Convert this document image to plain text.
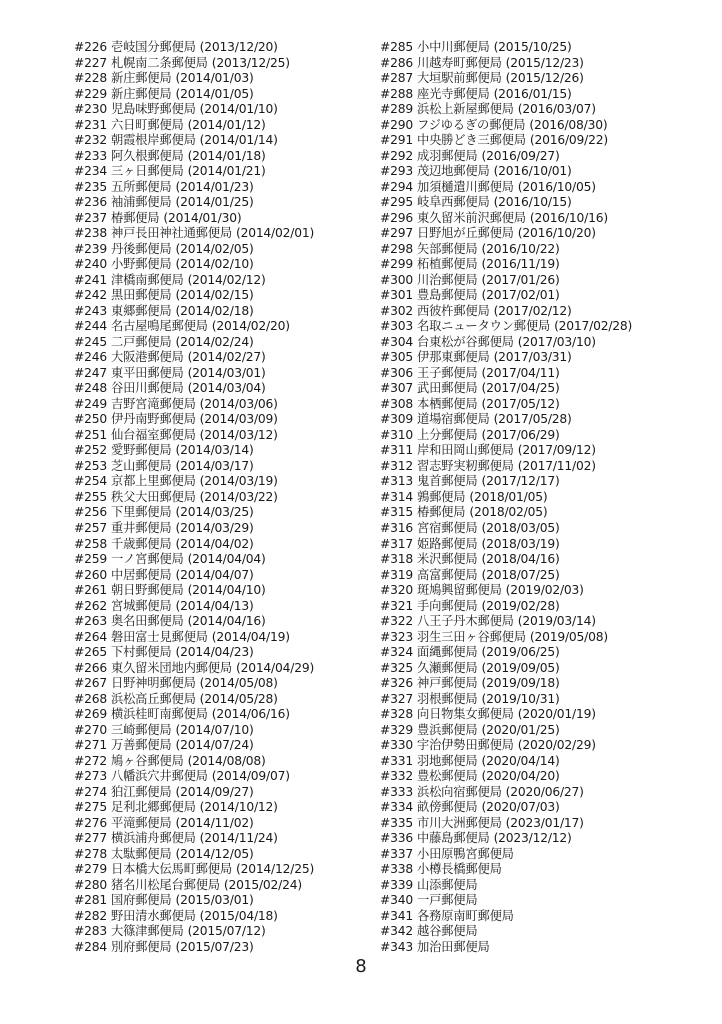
#226 壱岐国分郵便局 (2013/12/20)
#227 札幌南二条郵便局 (2013/12/25)
#228 新庄郵便局 (2014/01/03)
#229 新庄郵便局 (2014/01/05)
#230 児島味野郵便局 (2014/01/10)
#231 六日町郵便局 (2014/01/12)
#232 朝霞根岸郵便局 (2014/01/14)
#233 阿久根郵便局 (2014/01/18)
#234 三ヶ日郵便局 (2014/01/21)
#235 五所郵便局 (2014/01/23)
#236 袖浦郵便局 (2014/01/25)
#237 椿郵便局 (2014/01/30)
#238 神戸長田神社通郵便局 (2014/02/01)
#239 丹後郵便局 (2014/02/05)
#240 小野郵便局 (2014/02/10)
#241 津橋南郵便局 (2014/02/12)
#242 黒田郵便局 (2014/02/15)
#243 東郷郵便局 (2014/02/18)
#244 名古屋鳴尾郵便局 (2014/02/20)
#245 二戸郵便局 (2014/02/24)
#246 大阪港郵便局 (2014/02/27)
#247 東平田郵便局 (2014/03/01)
#248 谷田川郵便局 (2014/03/04)
#249 吉野宮滝郵便局 (2014/03/06)
#250 伊丹南野郵便局 (2014/03/09)
#251 仙台福室郵便局 (2014/03/12)
#252 愛野郵便局 (2014/03/14)
#253 芝山郵便局 (2014/03/17)
#254 京都上里郵便局 (2014/03/19)
#255 秩父大田郵便局 (2014/03/22)
#256 下里郵便局 (2014/03/25)
#257 重井郵便局 (2014/03/29)
#258 千歳郵便局 (2014/04/02)
#259 一ノ宮郵便局 (2014/04/04)
#260 中居郵便局 (2014/04/07)
#261 朝日野郵便局 (2014/04/10)
#262 宮城郵便局 (2014/04/13)
#263 奥名田郵便局 (2014/04/16)
#264 磐田富士見郵便局 (2014/04/19)
#265 下村郵便局 (2014/04/23)
#266 東久留米団地内郵便局 (2014/04/29)
#267 日野神明郵便局 (2014/05/08)
#268 浜松高丘郵便局 (2014/05/28)
#269 横浜桂町南郵便局 (2014/06/16)
#270 三崎郵便局 (2014/07/10)
#271 万善郵便局 (2014/07/24)
#272 鳩ヶ谷郵便局 (2014/08/08)
#273 八幡浜穴井郵便局 (2014/09/07)
#274 狛江郵便局 (2014/09/27)
#275 足利北郷郵便局 (2014/10/12)
#276 平滝郵便局 (2014/11/02)
#277 横浜浦舟郵便局 (2014/11/24)
#278 太駄郵便局 (2014/12/05)
#279 日本橋大伝馬町郵便局 (2014/12/25)
#280 猪名川松尾台郵便局 (2015/02/24)
#281 国府郵便局 (2015/03/01)
#282 野田清水郵便局 (2015/04/18)
#283 大篠津郵便局 (2015/07/12)
#284 別府郵便局 (2015/07/23)
#285 小中川郵便局 (2015/10/25)
#286 川越寿町郵便局 (2015/12/23)
#287 大垣駅前郵便局 (2015/12/26)
#288 座光寺郵便局 (2016/01/15)
#289 浜松上新屋郵便局 (2016/03/07)
#290 フジゆるぎの郵便局 (2016/08/30)
#291 中央勝どき三郵便局 (2016/09/22)
#292 成羽郵便局 (2016/09/27)
#293 茂辺地郵便局 (2016/10/01)
#294 加須樋遣川郵便局 (2016/10/05)
#295 岐阜西郵便局 (2016/10/15)
#296 東久留米前沢郵便局 (2016/10/16)
#297 日野旭が丘郵便局 (2016/10/20)
#298 矢部郵便局 (2016/10/22)
#299 柘植郵便局 (2016/11/19)
#300 川治郵便局 (2017/01/26)
#301 豊島郵便局 (2017/02/01)
#302 西彼杵郵便局 (2017/02/12)
#303 名取ニュータウン郵便局 (2017/02/28)
#304 台東松が谷郵便局 (2017/03/10)
#305 伊那東郵便局 (2017/03/31)
#306 王子郵便局 (2017/04/11)
#307 武田郵便局 (2017/04/25)
#308 本栖郵便局 (2017/05/12)
#309 道場宿郵便局 (2017/05/28)
#310 上分郵便局 (2017/06/29)
#311 岸和田岡山郵便局 (2017/09/12)
#312 習志野実籾郵便局 (2017/11/02)
#313 鬼首郵便局 (2017/12/17)
#314 鶉郵便局 (2018/01/05)
#315 椿郵便局 (2018/02/05)
#316 宮宿郵便局 (2018/03/05)
#317 姫路郵便局 (2018/03/19)
#318 米沢郵便局 (2018/04/16)
#319 高富郵便局 (2018/07/25)
#320 斑鳩興留郵便局 (2019/02/03)
#321 手向郵便局 (2019/02/28)
#322 八王子丹木郵便局 (2019/03/14)
#323 羽生三田ヶ谷郵便局 (2019/05/08)
#324 面縄郵便局 (2019/06/25)
#325 久瀬郵便局 (2019/09/05)
#326 神戸郵便局 (2019/09/18)
#327 羽根郵便局 (2019/10/31)
#328 向日物集女郵便局 (2020/01/19)
#329 豊浜郵便局 (2020/01/25)
#330 宇治伊勢田郵便局 (2020/02/29)
#331 羽地郵便局 (2020/04/14)
#332 豊松郵便局 (2020/04/20)
#333 浜松向宿郵便局 (2020/06/27)
#334 畝傍郵便局 (2020/07/03)
#335 市川大洲郵便局 (2023/01/17)
#336 中藤島郵便局 (2023/12/12)
#337 小田原鴨宮郵便局
#338 小樽長橋郵便局
#339 山添郵便局
#340 一戸郵便局
#341 各務原南町郵便局
#342 越谷郵便局
#343 加治田郵便局
8
